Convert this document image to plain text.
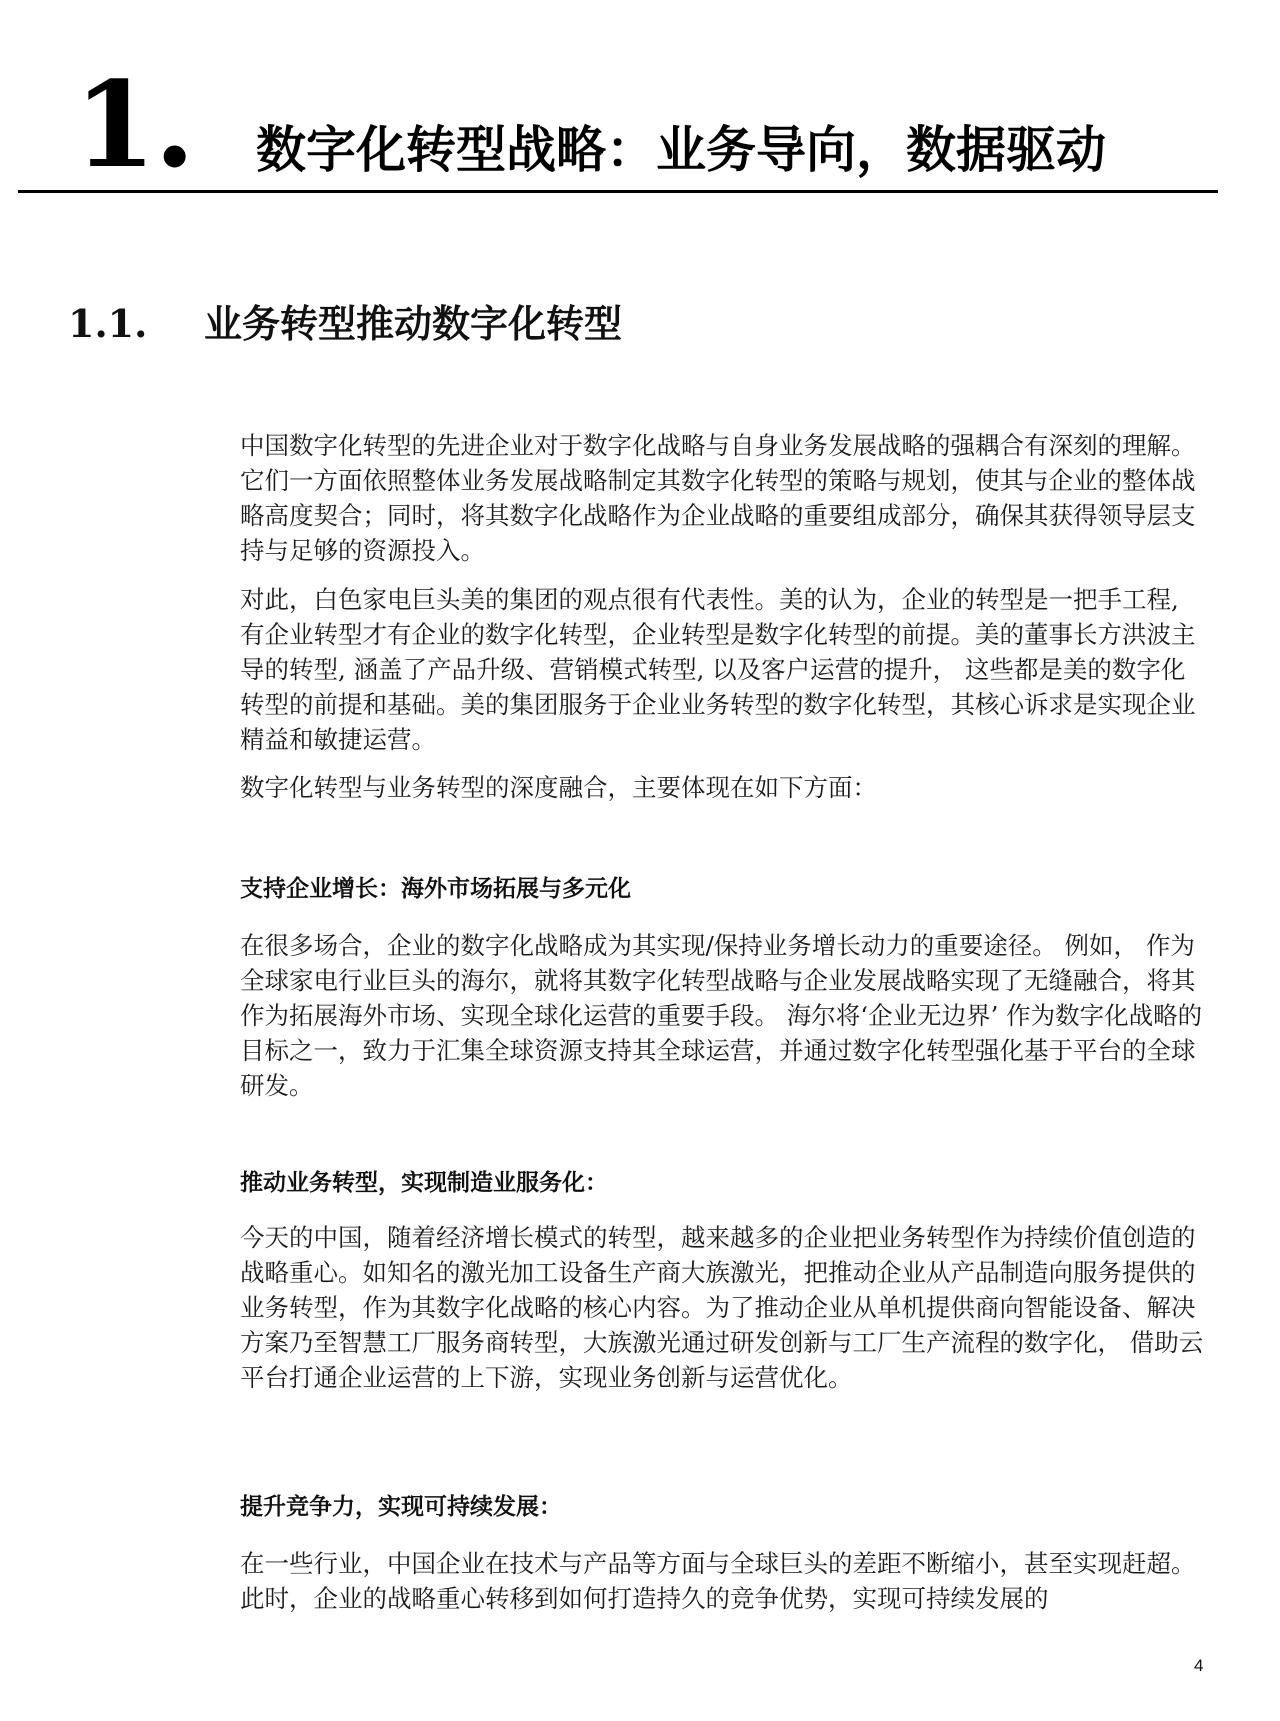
1. 数字化转型战略：业务导向，数据驱动
1.1. 业务转型推动数字化转型

中国数字化转型的先进企业对于数字化战略与自身业务发展战略的强耦合有深刻的理解。它们一方面依照整体业务发展战略制定其数字化转型的策略与规划，使其与企业的整体战略高度契合；同时，将其数字化战略作为企业战略的重要组成部分，确保其获得领导层支持与足够的资源投入。

对此，白色家电巨头美的集团的观点很有代表性。美的认为，企业的转型是一把手工程, 有企业转型才有企业的数字化转型，企业转型是数字化转型的前提。美的董事长方洪波主导的转型, 涵盖了产品升级、营销模式转型, 以及客户运营的提升， 这些都是美的数字化转型的前提和基础。美的集团服务于企业业务转型的数字化转型，其核心诉求是实现企业精益和敏捷运营。

数字化转型与业务转型的深度融合，主要体现在如下方面：

支持企业增长：海外市场拓展与多元化

在很多场合，企业的数字化战略成为其实现/保持业务增长动力的重要途径。 例如， 作为全球家电行业巨头的海尔，就将其数字化转型战略与企业发展战略实现了无缝融合，将其作为拓展海外市场、实现全球化运营的重要手段。 海尔将‘企业无边界’ 作为数字化战略的目标之一，致力于汇集全球资源支持其全球运营，并通过数字化转型强化基于平台的全球研发。

推动业务转型，实现制造业服务化：

今天的中国，随着经济增长模式的转型，越来越多的企业把业务转型作为持续价值创造的战略重心。如知名的激光加工设备生产商大族激光，把推动企业从产品制造向服务提供的业务转型，作为其数字化战略的核心内容。为了推动企业从单机提供商向智能设备、解决方案乃至智慧工厂服务商转型，大族激光通过研发创新与工厂生产流程的数字化， 借助云平台打通企业运营的上下游，实现业务创新与运营优化。

提升竞争力，实现可持续发展：

在一些行业，中国企业在技术与产品等方面与全球巨头的差距不断缩小，甚至实现赶超。此时，企业的战略重心转移到如何打造持久的竞争优势，实现可持续发展的

4
